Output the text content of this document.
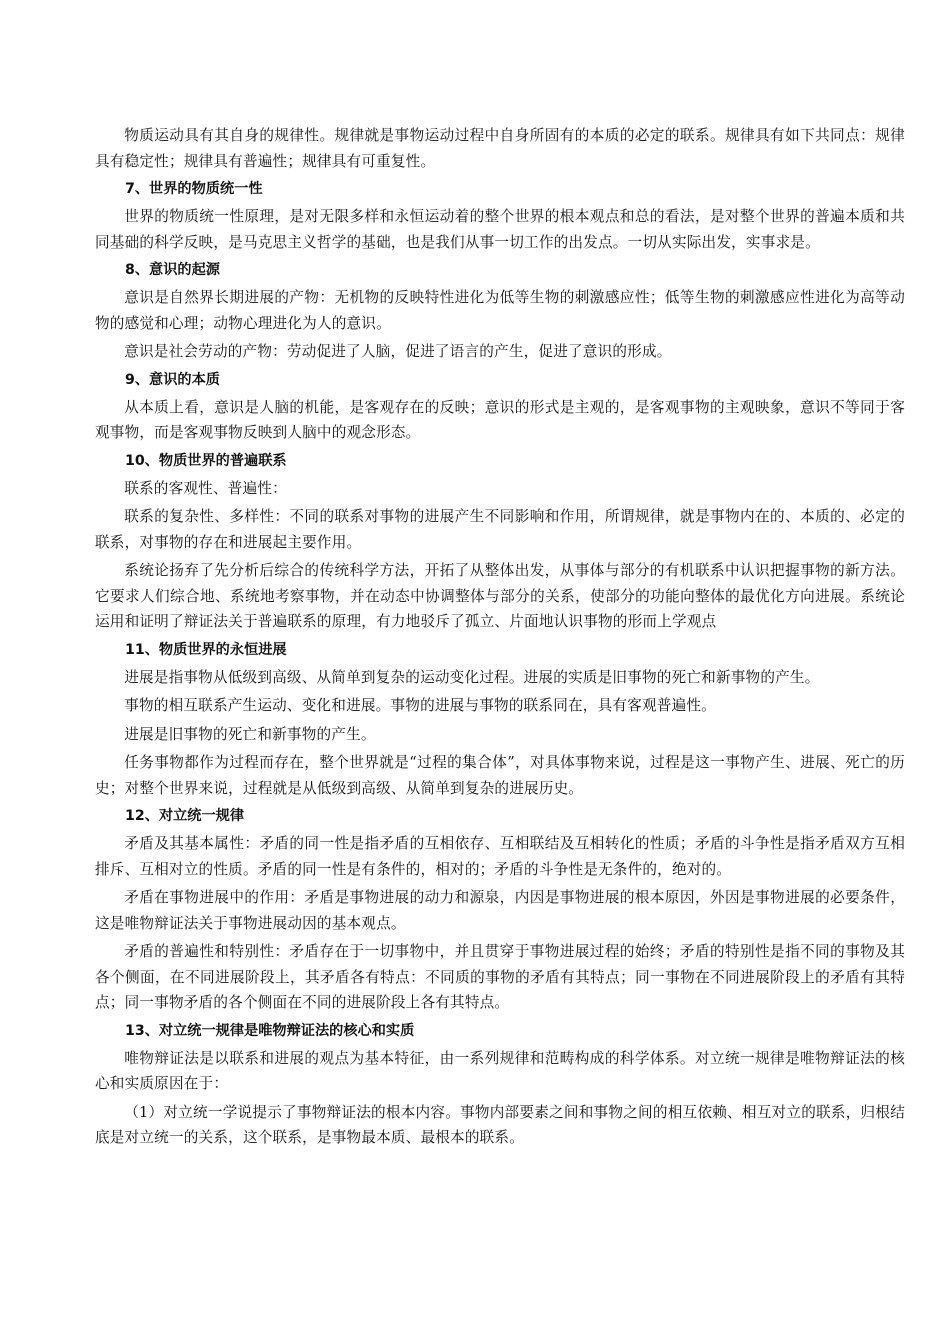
物质运动具有其自身的规律性。规律就是事物运动过程中自身所固有的本质的必定的联系。规律具有如下共同点：规律具有稳定性；规律具有普遍性；规律具有可重复性。

7、世界的物质统一性

世界的物质统一性原理，是对无限多样和永恒运动着的整个世界的根本观点和总的看法，是对整个世界的普遍本质和共同基础的科学反映，是马克思主义哲学的基础，也是我们从事一切工作的出发点。一切从实际出发，实事求是。

8、意识的起源

意识是自然界长期进展的产物：无机物的反映特性进化为低等生物的刺激感应性；低等生物的刺激感应性进化为高等动物的感觉和心理；动物心理进化为人的意识。

意识是社会劳动的产物：劳动促进了人脑，促进了语言的产生，促进了意识的形成。

9、意识的本质

从本质上看，意识是人脑的机能，是客观存在的反映；意识的形式是主观的，是客观事物的主观映象，意识不等同于客观事物，而是客观事物反映到人脑中的观念形态。

10、物质世界的普遍联系

联系的客观性、普遍性：

联系的复杂性、多样性：不同的联系对事物的进展产生不同影响和作用，所谓规律，就是事物内在的、本质的、必定的联系，对事物的存在和进展起主要作用。

系统论扬弃了先分析后综合的传统科学方法，开拓了从整体出发，从事体与部分的有机联系中认识把握事物的新方法。它要求人们综合地、系统地考察事物，并在动态中协调整体与部分的关系，使部分的功能向整体的最优化方向进展。系统论运用和证明了辩证法关于普遍联系的原理，有力地驳斥了孤立、片面地认识事物的形而上学观点

11、物质世界的永恒进展

进展是指事物从低级到高级、从简单到复杂的运动变化过程。进展的实质是旧事物的死亡和新事物的产生。

事物的相互联系产生运动、变化和进展。事物的进展与事物的联系同在，具有客观普遍性。

进展是旧事物的死亡和新事物的产生。

任务事物都作为过程而存在，整个世界就是“过程的集合体”，对具体事物来说，过程是这一事物产生、进展、死亡的历史；对整个世界来说，过程就是从低级到高级、从简单到复杂的进展历史。

12、对立统一规律

矛盾及其基本属性：矛盾的同一性是指矛盾的互相依存、互相联结及互相转化的性质；矛盾的斗争性是指矛盾双方互相排斥、互相对立的性质。矛盾的同一性是有条件的，相对的；矛盾的斗争性是无条件的，绝对的。

矛盾在事物进展中的作用：矛盾是事物进展的动力和源泉，内因是事物进展的根本原因，外因是事物进展的必要条件，这是唯物辩证法关于事物进展动因的基本观点。

矛盾的普遍性和特别性：矛盾存在于一切事物中，并且贯穿于事物进展过程的始终；矛盾的特别性是指不同的事物及其各个侧面，在不同进展阶段上，其矛盾各有特点：不同质的事物的矛盾有其特点；同一事物在不同进展阶段上的矛盾有其特点；同一事物矛盾的各个侧面在不同的进展阶段上各有其特点。

13、对立统一规律是唯物辩证法的核心和实质

唯物辩证法是以联系和进展的观点为基本特征，由一系列规律和范畴构成的科学体系。对立统一规律是唯物辩证法的核心和实质原因在于：

（1）对立统一学说提示了事物辩证法的根本内容。事物内部要素之间和事物之间的相互依赖、相互对立的联系，归根结底是对立统一的关系，这个联系，是事物最本质、最根本的联系。
